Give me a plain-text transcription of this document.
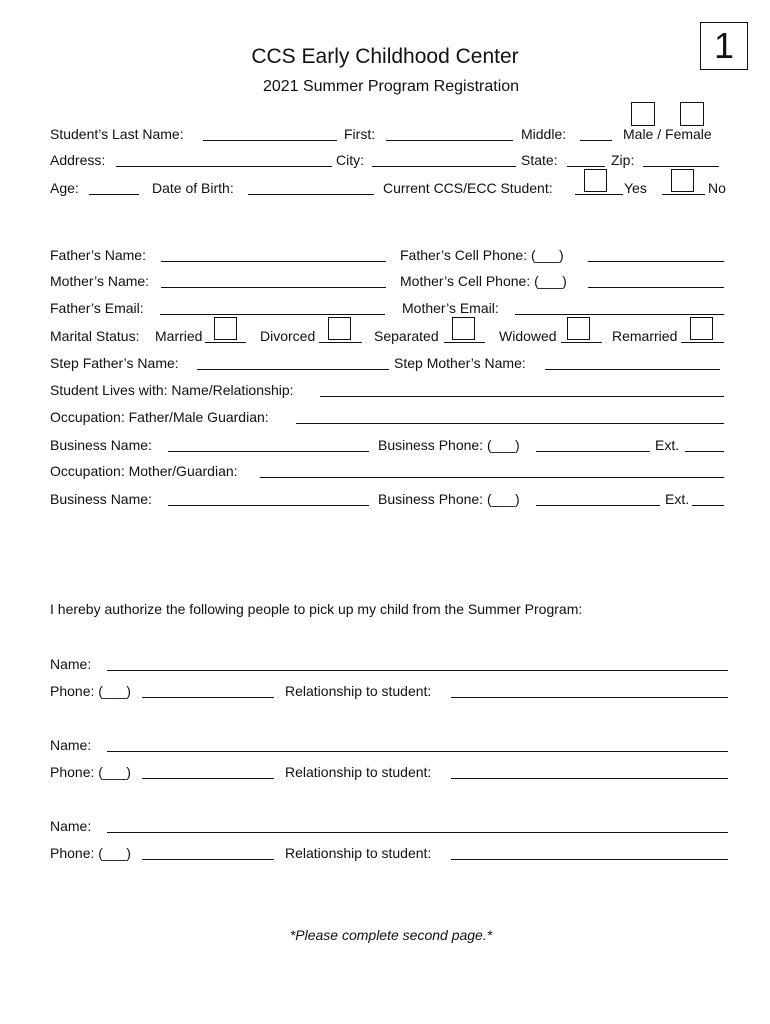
CCS Early Childhood Center
2021 Summer Program Registration
1
Student’s Last Name:	First:	Middle:	Male / Female
Address:	City:	State:	Zip:
Age:	Date of Birth:	Current CCS/ECC Student:	Yes	No
Father’s Name:	Father’s Cell Phone: (___)
Mother’s Name:	Mother’s Cell Phone: (___)
Father’s Email:	Mother’s Email:
Marital Status: Married	Divorced	Separated	Widowed	Remarried
Step Father’s Name:	Step Mother’s Name:
Student Lives with: Name/Relationship:
Occupation: Father/Male Guardian:
Business Name:	Business Phone: (___)	Ext.
Occupation: Mother/Guardian:
Business Name:	Business Phone: (___)	Ext.
I hereby authorize the following people to pick up my child from the Summer Program:
Name:
Phone: (___)	Relationship to student:
Name:
Phone: (___)	Relationship to student:
Name:
Phone: (___)	Relationship to student:
*Please complete second page.*
